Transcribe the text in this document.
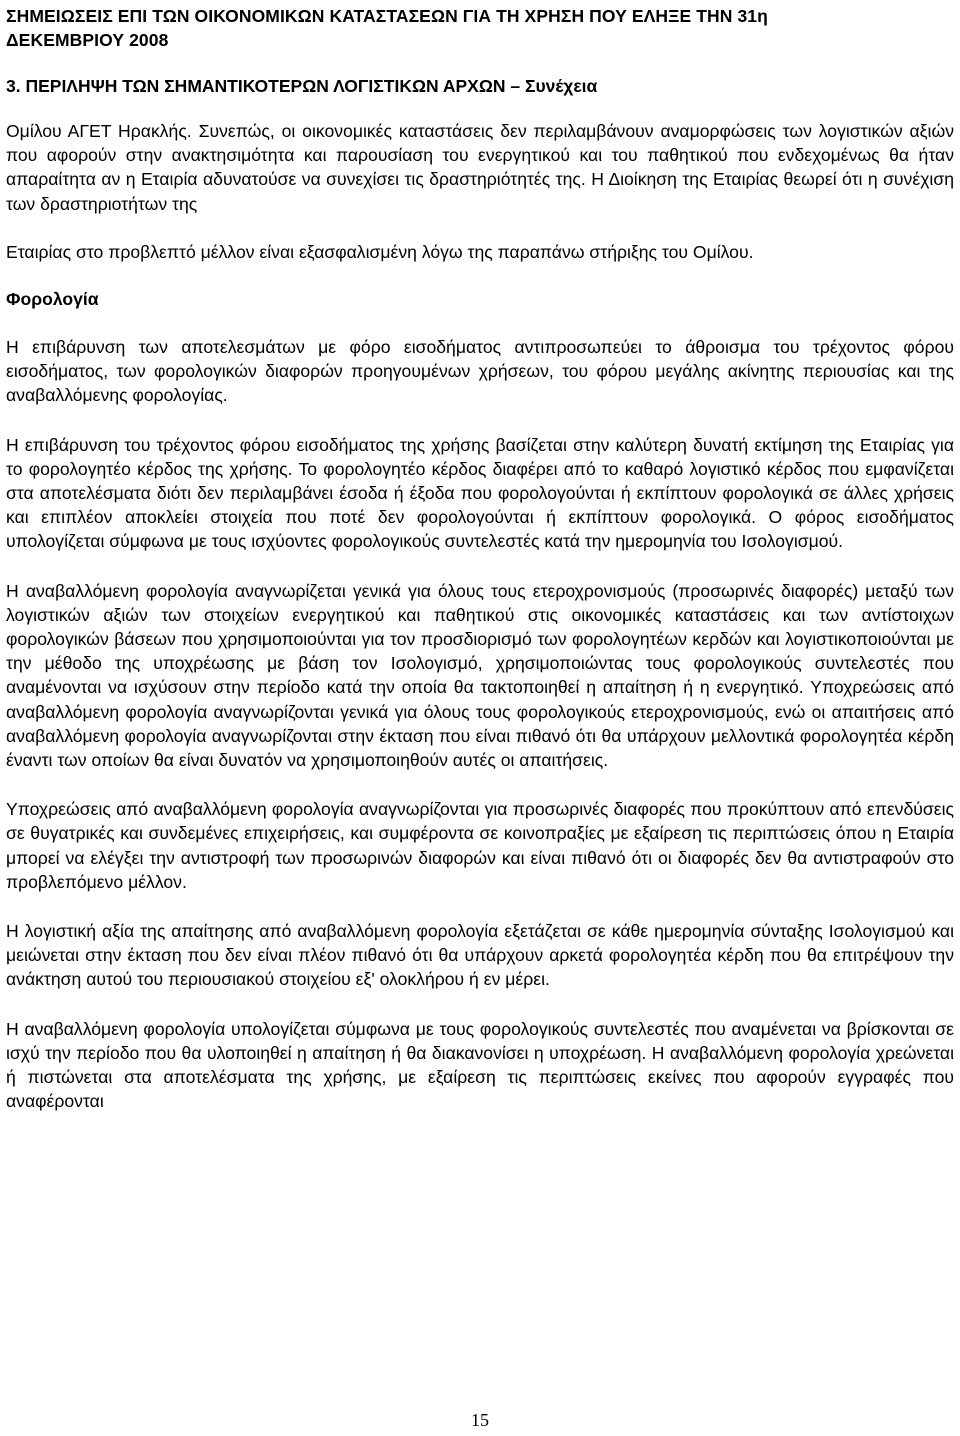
ΣΗΜΕΙΩΣΕΙΣ ΕΠΙ ΤΩΝ ΟΙΚΟΝΟΜΙΚΩΝ ΚΑΤΑΣΤΑΣΕΩΝ ΓΙΑ ΤΗ ΧΡΗΣΗ ΠΟΥ ΕΛΗΞΕ ΤΗΝ 31η
ΔΕΚΕΜΒΡΙΟΥ 2008
3. ΠΕΡΙΛΗΨΗ ΤΩΝ ΣΗΜΑΝΤΙΚΟΤΕΡΩΝ ΛΟΓΙΣΤΙΚΩΝ ΑΡΧΩΝ – Συνέχεια

Ομίλου ΑΓΕΤ Ηρακλής. Συνεπώς, οι οικονομικές καταστάσεις δεν περιλαμβάνουν αναμορφώσεις των λογιστικών αξιών που αφορούν στην ανακτησιμότητα και παρουσίαση του ενεργητικού και του παθητικού που ενδεχομένως θα ήταν απαραίτητα αν η Εταιρία αδυνατούσε να συνεχίσει τις δραστηριότητές της. Η Διοίκηση της Εταιρίας θεωρεί ότι η συνέχιση των δραστηριοτήτων της

Εταιρίας στο προβλεπτό μέλλον είναι εξασφαλισμένη λόγω της παραπάνω στήριξης του Ομίλου.

Φορολογία

Η επιβάρυνση των αποτελεσμάτων με φόρο εισοδήματος αντιπροσωπεύει το άθροισμα του τρέχοντος φόρου εισοδήματος, των φορολογικών διαφορών προηγουμένων χρήσεων, του φόρου μεγάλης ακίνητης περιουσίας και της αναβαλλόμενης φορολογίας.

Η επιβάρυνση του τρέχοντος φόρου εισοδήματος της χρήσης βασίζεται στην καλύτερη δυνατή εκτίμηση της Εταιρίας για το φορολογητέο κέρδος της χρήσης. Το φορολογητέο κέρδος διαφέρει από το καθαρό λογιστικό κέρδος που εμφανίζεται στα αποτελέσματα διότι δεν περιλαμβάνει έσοδα ή έξοδα που φορολογούνται ή εκπίπτουν φορολογικά σε άλλες χρήσεις και επιπλέον αποκλείει στοιχεία που ποτέ δεν φορολογούνται ή εκπίπτουν φορολογικά. Ο φόρος εισοδήματος υπολογίζεται σύμφωνα με τους ισχύοντες φορολογικούς συντελεστές κατά την ημερομηνία του Ισολογισμού.

Η αναβαλλόμενη φορολογία αναγνωρίζεται γενικά για όλους τους ετεροχρονισμούς (προσωρινές διαφορές) μεταξύ των λογιστικών αξιών των στοιχείων ενεργητικού και παθητικού στις οικονομικές καταστάσεις και των αντίστοιχων φορολογικών βάσεων που χρησιμοποιούνται για τον προσδιορισμό των φορολογητέων κερδών και λογιστικοποιούνται με την μέθοδο της υποχρέωσης με βάση τον Ισολογισμό, χρησιμοποιώντας τους φορολογικούς συντελεστές που αναμένονται να ισχύσουν στην περίοδο κατά την οποία θα τακτοποιηθεί η απαίτηση ή η ενεργητικό. Υποχρεώσεις από αναβαλλόμενη φορολογία αναγνωρίζονται γενικά για όλους τους φορολογικούς ετεροχρονισμούς, ενώ οι απαιτήσεις από αναβαλλόμενη φορολογία αναγνωρίζονται στην έκταση που είναι πιθανό ότι θα υπάρχουν μελλοντικά φορολογητέα κέρδη έναντι των οποίων θα είναι δυνατόν να χρησιμοποιηθούν αυτές οι απαιτήσεις.

Υποχρεώσεις από αναβαλλόμενη φορολογία αναγνωρίζονται για προσωρινές διαφορές που προκύπτουν από επενδύσεις σε θυγατρικές και συνδεμένες επιχειρήσεις, και συμφέροντα σε κοινοπραξίες με εξαίρεση τις περιπτώσεις όπου η Εταιρία μπορεί να ελέγξει την αντιστροφή των προσωρινών διαφορών και είναι πιθανό ότι οι διαφορές δεν θα αντιστραφούν στο προβλεπόμενο μέλλον.

Η λογιστική αξία της απαίτησης από αναβαλλόμενη φορολογία εξετάζεται σε κάθε ημερομηνία σύνταξης Ισολογισμού και μειώνεται στην έκταση που δεν είναι πλέον πιθανό ότι θα υπάρχουν αρκετά φορολογητέα κέρδη που θα επιτρέψουν την ανάκτηση αυτού του περιουσιακού στοιχείου εξ' ολοκλήρου ή εν μέρει.

Η αναβαλλόμενη φορολογία υπολογίζεται σύμφωνα με τους φορολογικούς συντελεστές που αναμένεται να βρίσκονται σε ισχύ την περίοδο που θα υλοποιηθεί η απαίτηση ή θα διακανονίσει η υποχρέωση. Η αναβαλλόμενη φορολογία χρεώνεται ή πιστώνεται στα αποτελέσματα της χρήσης, με εξαίρεση τις περιπτώσεις εκείνες που αφορούν εγγραφές που αναφέρονται

15
